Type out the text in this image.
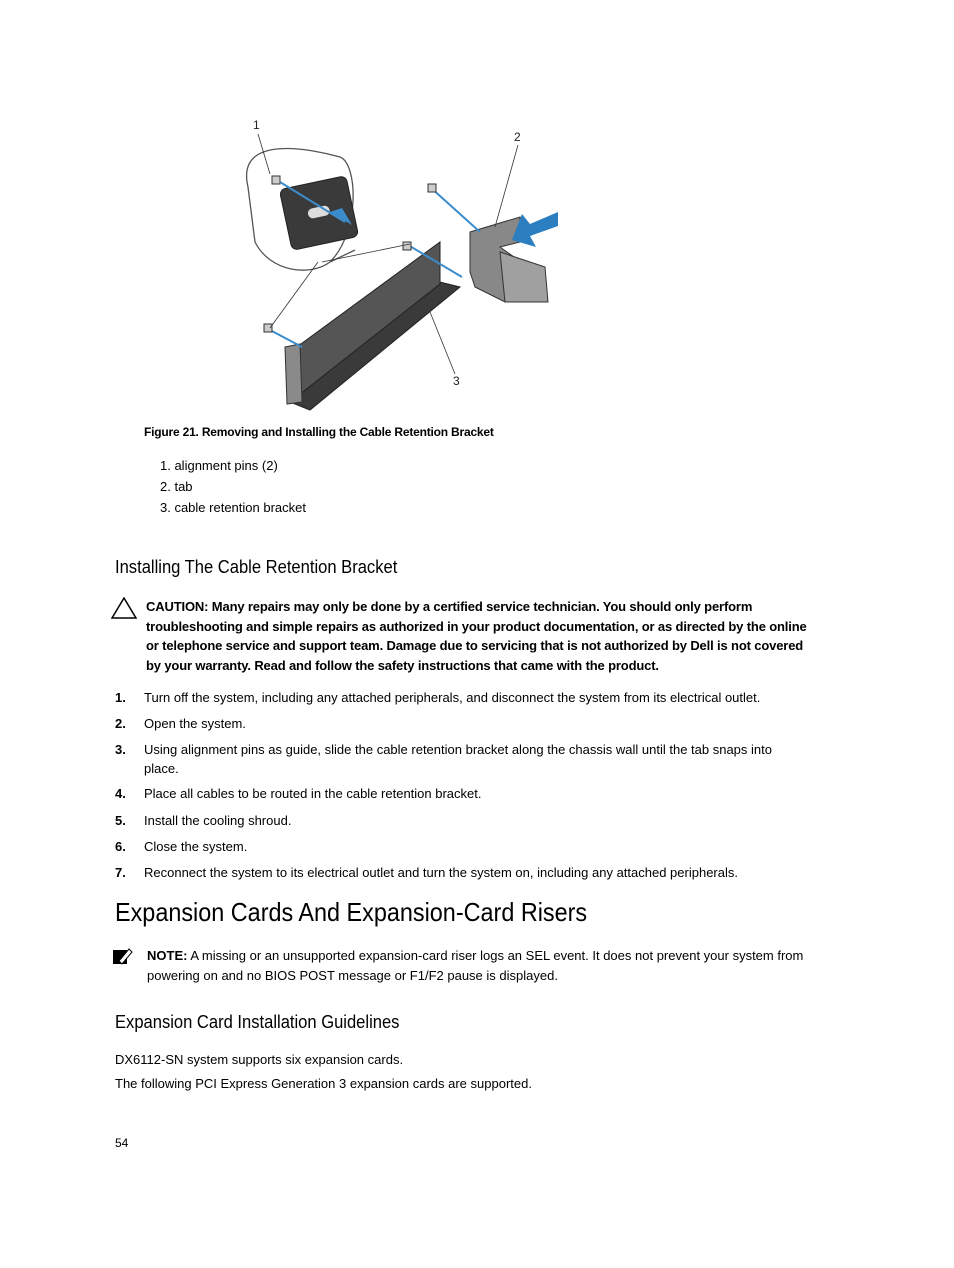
1
2
3
Figure 21. Removing and Installing the Cable Retention Bracket
1. alignment pins (2)
2. tab
3. cable retention bracket
Installing The Cable Retention Bracket
CAUTION: Many repairs may only be done by a certified service technician. You should only perform troubleshooting and simple repairs as authorized in your product documentation, or as directed by the online or telephone service and support team. Damage due to servicing that is not authorized by Dell is not covered by your warranty. Read and follow the safety instructions that came with the product.
1. Turn off the system, including any attached peripherals, and disconnect the system from its electrical outlet.
2. Open the system.
3. Using alignment pins as guide, slide the cable retention bracket along the chassis wall until the tab snaps into place.
4. Place all cables to be routed in the cable retention bracket.
5. Install the cooling shroud.
6. Close the system.
7. Reconnect the system to its electrical outlet and turn the system on, including any attached peripherals.
Expansion Cards And Expansion-Card Risers
NOTE: A missing or an unsupported expansion-card riser logs an SEL event. It does not prevent your system from powering on and no BIOS POST message or F1/F2 pause is displayed.
Expansion Card Installation Guidelines
DX6112-SN system supports six expansion cards.
The following PCI Express Generation 3 expansion cards are supported.
54
